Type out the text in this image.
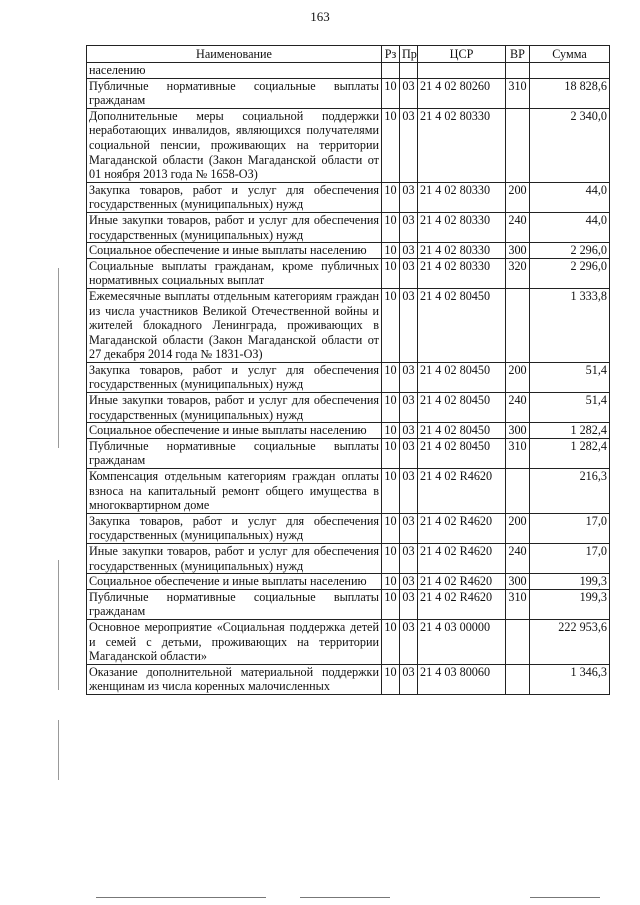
163
Наименование	Рз	Пр	ЦСР	ВР	Сумма
населению					
Публичные нормативные социальные выплаты гражданам	10	03	21 4 02 80260	310	18 828,6
Дополнительные меры социальной поддержки неработающих инвалидов, являющихся получателями социальной пенсии, проживающих на территории Магаданской области (Закон Магаданской области от 01 ноября 2013 года № 1658-ОЗ)	10	03	21 4 02 80330		2 340,0
Закупка товаров, работ и услуг для обеспечения государственных (муниципальных) нужд	10	03	21 4 02 80330	200	44,0
Иные закупки товаров, работ и услуг для обеспечения государственных (муниципальных) нужд	10	03	21 4 02 80330	240	44,0
Социальное обеспечение и иные выплаты населению	10	03	21 4 02 80330	300	2 296,0
Социальные выплаты гражданам, кроме публичных нормативных социальных выплат	10	03	21 4 02 80330	320	2 296,0
Ежемесячные выплаты отдельным категориям граждан из числа участников Великой Отечественной войны и жителей блокадного Ленинграда, проживающих в Магаданской области (Закон Магаданской области от 27 декабря 2014 года № 1831-ОЗ)	10	03	21 4 02 80450		1 333,8
Закупка товаров, работ и услуг для обеспечения государственных (муниципальных) нужд	10	03	21 4 02 80450	200	51,4
Иные закупки товаров, работ и услуг для обеспечения государственных (муниципальных) нужд	10	03	21 4 02 80450	240	51,4
Социальное обеспечение и иные выплаты населению	10	03	21 4 02 80450	300	1 282,4
Публичные нормативные социальные выплаты гражданам	10	03	21 4 02 80450	310	1 282,4
Компенсация отдельным категориям граждан оплаты взноса на капитальный ремонт общего имущества в многоквартирном доме	10	03	21 4 02 R4620		216,3
Закупка товаров, работ и услуг для обеспечения государственных (муниципальных) нужд	10	03	21 4 02 R4620	200	17,0
Иные закупки товаров, работ и услуг для обеспечения государственных (муниципальных) нужд	10	03	21 4 02 R4620	240	17,0
Социальное обеспечение и иные выплаты населению	10	03	21 4 02 R4620	300	199,3
Публичные нормативные социальные выплаты гражданам	10	03	21 4 02 R4620	310	199,3
Основное мероприятие «Социальная поддержка детей и семей с детьми, проживающих на территории Магаданской области»	10	03	21 4 03 00000		222 953,6
Оказание дополнительной материальной поддержки женщинам из числа коренных малочисленных	10	03	21 4 03 80060		1 346,3
